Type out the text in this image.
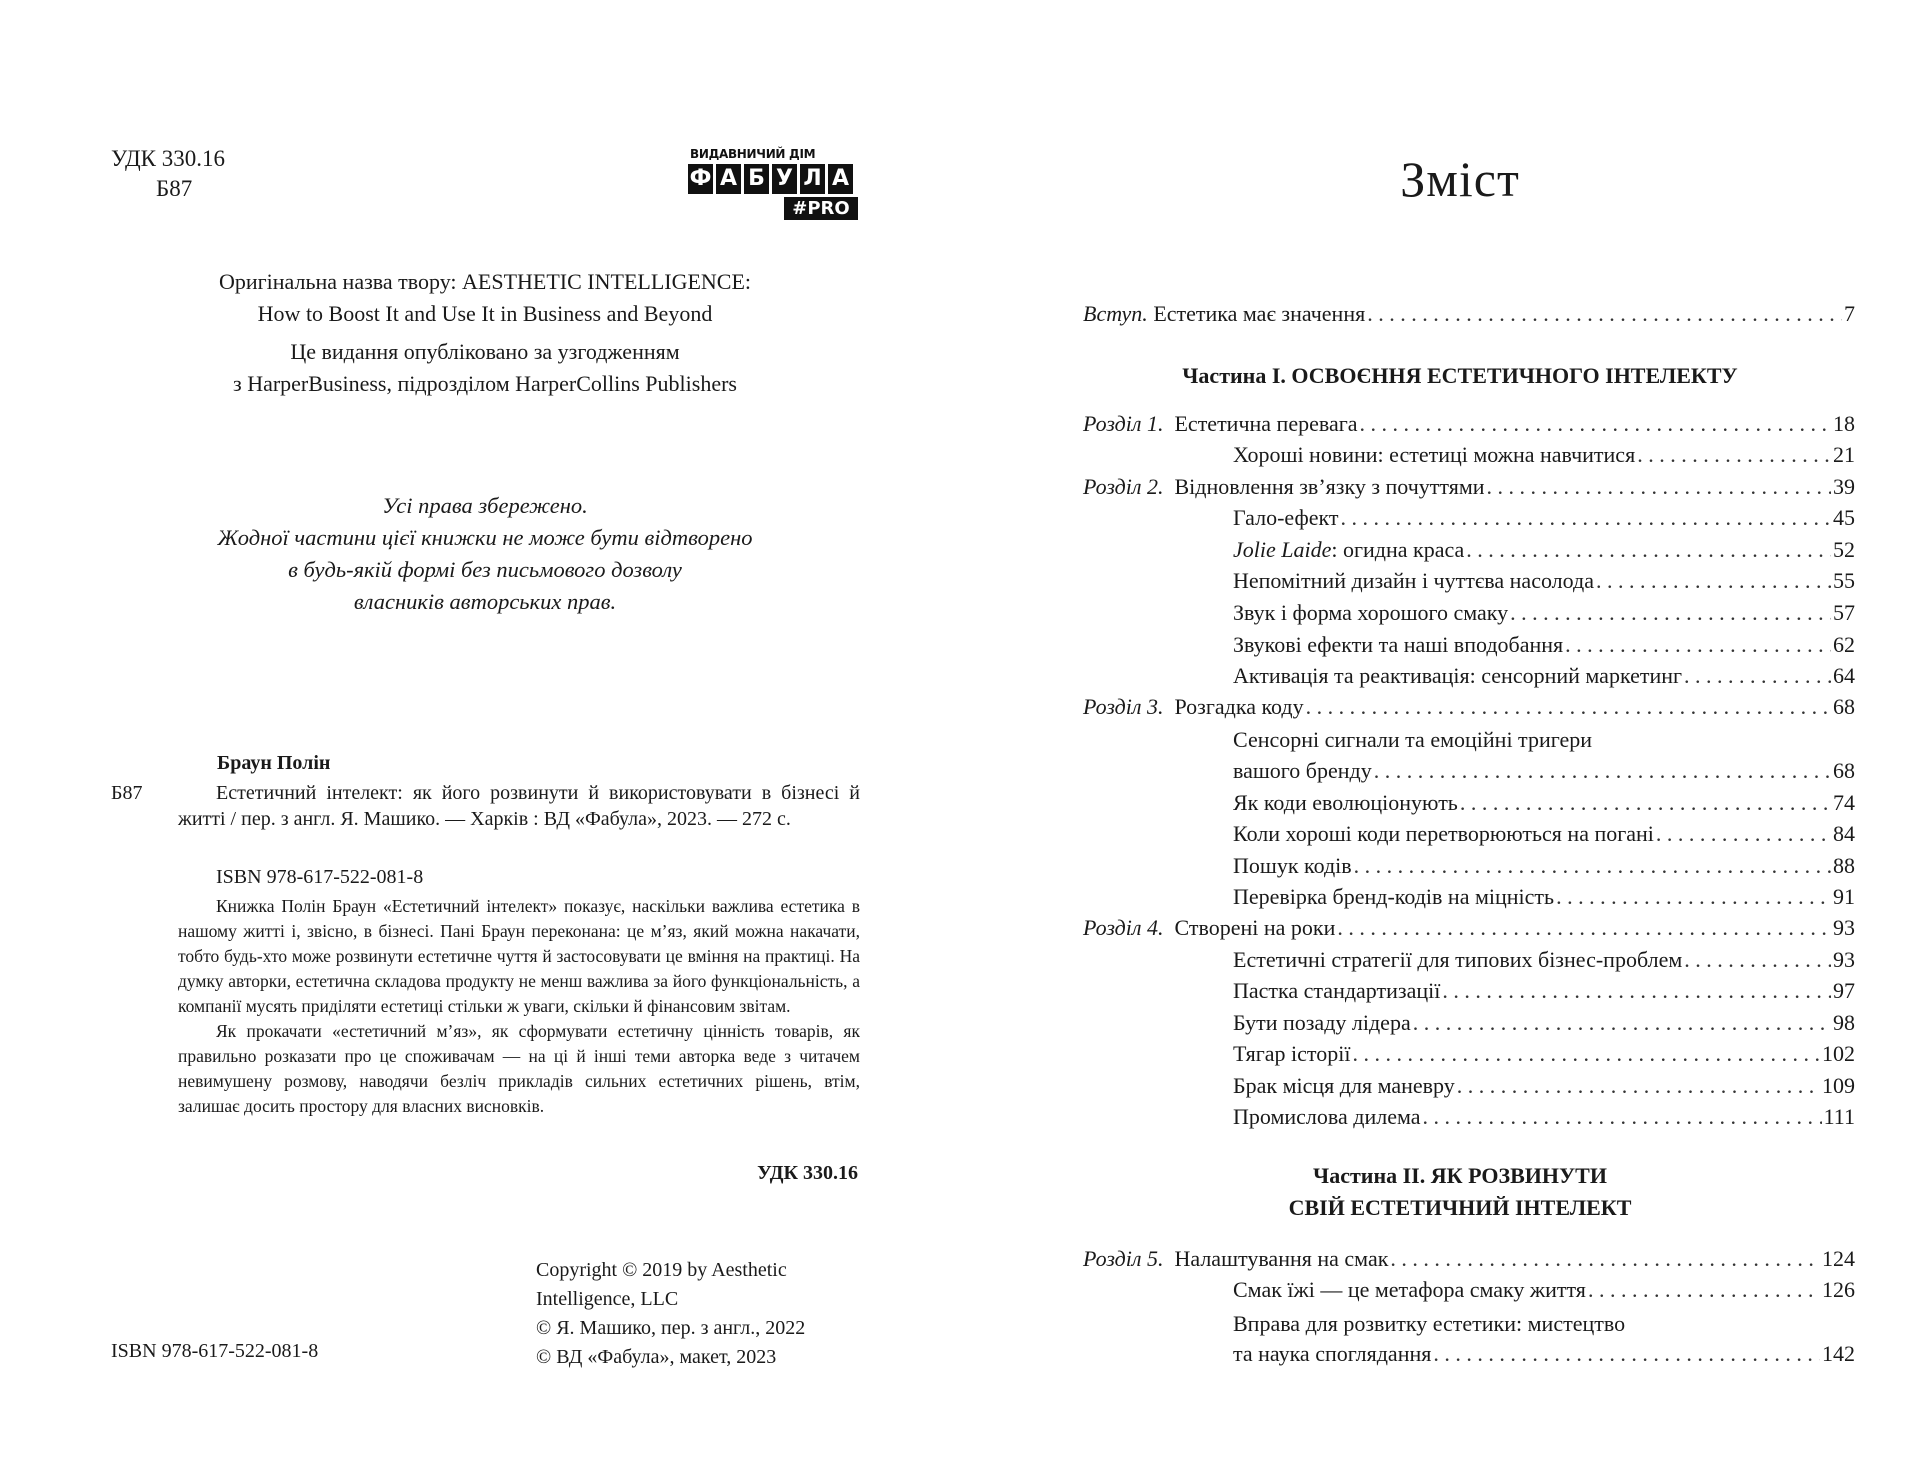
УДК 330.16
Б87
ВИДАВНИЧИЙ ДІМ
Ф А Б У Л А
#PRO
Оригінальна назва твору: AESTHETIC INTELLIGENCE:
How to Boost It and Use It in Business and Beyond
Це видання опубліковано за узгодженням
з HarperBusiness, підрозділом HarperCollins Publishers
Усі права збережено.
Жодної частини цієї книжки не може бути відтворено
в будь-якій формі без письмового дозволу
власників авторських прав.
Браун Полін
Б87	Естетичний інтелект: як його розвинути й використовувати в бізнесі й житті / пер. з англ. Я. Машико. — Харків : ВД «Фабула», 2023. — 272 с.
ISBN 978-617-522-081-8

Книжка Полін Браун «Естетичний інтелект» показує, наскільки важлива естетика в нашому житті і, звісно, в бізнесі. Пані Браун переконана: це м’яз, який можна накачати, тобто будь-хто може розвинути естетичне чуття й застосовувати це вміння на практиці. На думку авторки, естетична складова продукту не менш важлива за його функціональність, а компанії мусять приділяти естетиці стільки ж уваги, скільки й фінансовим звітам.

Як прокачати «естетичний м’яз», як сформувати естетичну цінність товарів, як правильно розказати про це споживачам — на ці й інші теми авторка веде з читачем невимушену розмову, наводячи безліч прикладів сильних естетичних рішень, втім, залишає досить простору для власних висновків.

УДК 330.16
Copyright © 2019 by Aesthetic
Intelligence, LLC
© Я. Машико, пер. з англ., 2022
© ВД «Фабула», макет, 2023
ISBN 978-617-522-081-8
Зміст
Вступ. Естетика має значення . . .	7
Частина I. ОСВОЄННЯ ЕСТЕТИЧНОГО ІНТЕЛЕКТУ
Розділ 1. Естетична перевага . . .	18
Хороші новини: естетиці можна навчитися . . .	21
Розділ 2. Відновлення зв’язку з почуттями . . .	39
Гало-ефект . . .	45
Jolie Laide: огидна краса . . .	52
Непомітний дизайн і чуттєва насолода . . .	55
Звук і форма хорошого смаку . . .	57
Звукові ефекти та наші вподобання . . .	62
Активація та реактивація: сенсорний маркетинг . . .	64
Розділ 3. Розгадка коду . . .	68
Сенсорні сигнали та емоційні тригери
вашого бренду . . .	68
Як коди еволюціонують . . .	74
Коли хороші коди перетворюються на погані . . .	84
Пошук кодів . . .	88
Перевірка бренд-кодів на міцність . . .	91
Розділ 4. Створені на роки . . .	93
Естетичні стратегії для типових бізнес-проблем . . .	93
Пастка стандартизації . . .	97
Бути позаду лідера . . .	98
Тягар історії . . .	102
Брак місця для маневру . . .	109
Промислова дилема . . .	111
Частина II. ЯК РОЗВИНУТИ
СВІЙ ЕСТЕТИЧНИЙ ІНТЕЛЕКТ
Розділ 5. Налаштування на смак . . .	124
Смак їжі — це метафора смаку життя . . .	126
Вправа для розвитку естетики: мистецтво
та наука споглядання . . .	142
